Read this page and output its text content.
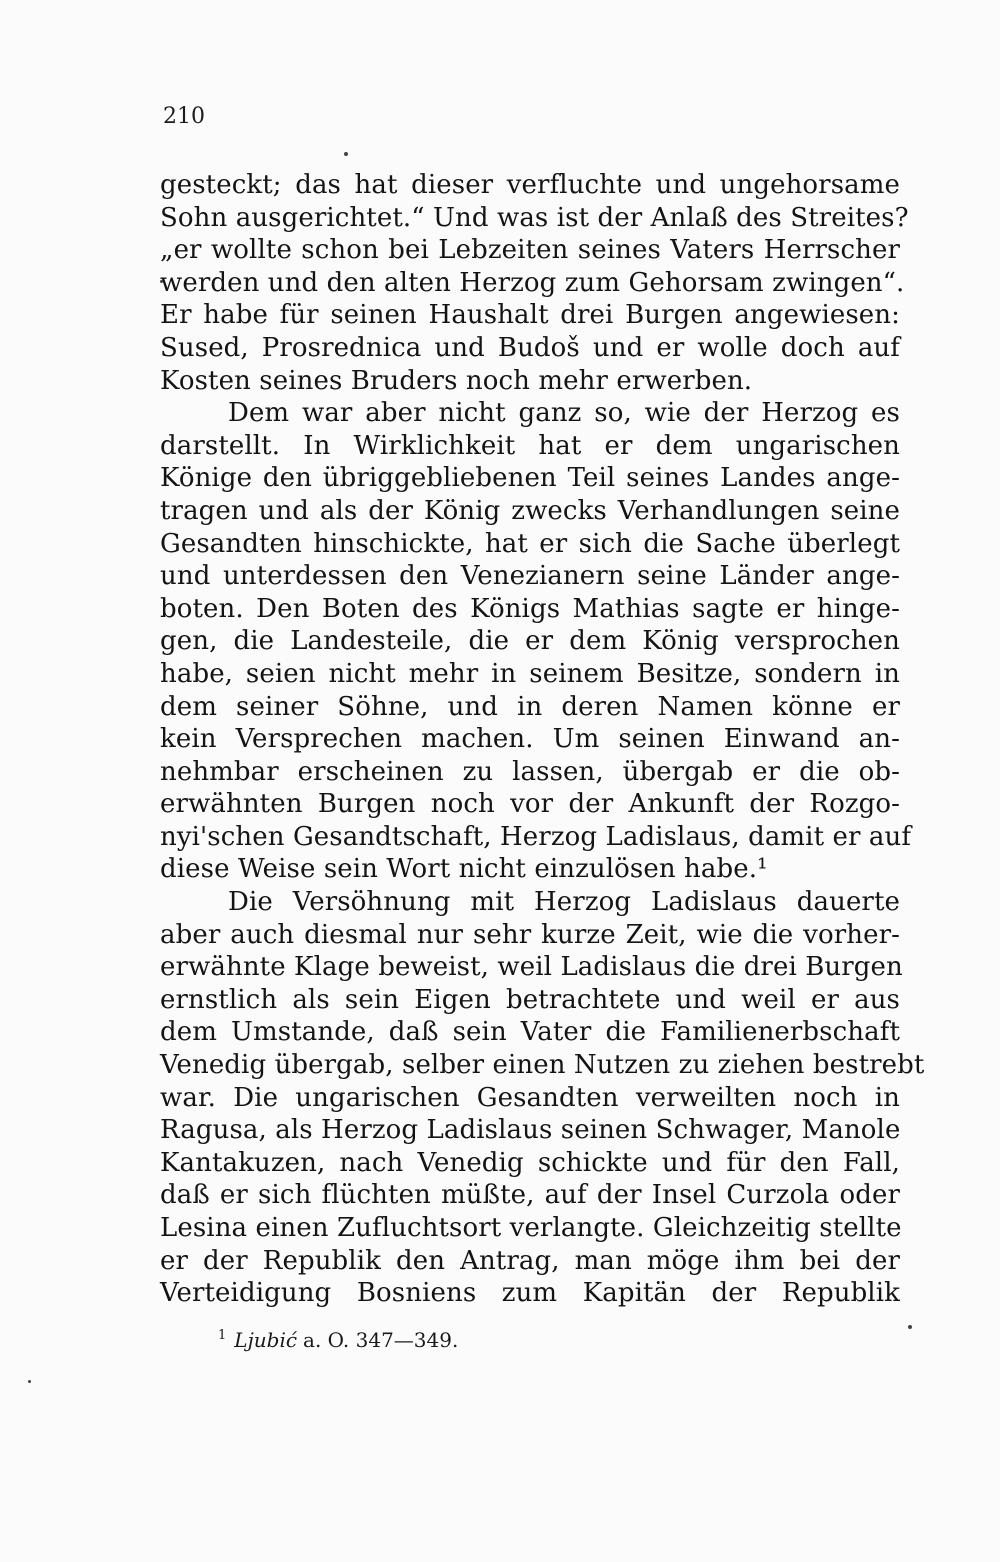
210
gesteckt; das hat dieser verfluchte und ungehorsame
Sohn ausgerichtet.“ Und was ist der Anlaß des Streites?
„er wollte schon bei Lebzeiten seines Vaters Herrscher
werden und den alten Herzog zum Gehorsam zwingen“.
Er habe für seinen Haushalt drei Burgen angewiesen:
Sused, Prosrednica und Budoš und er wolle doch auf
Kosten seines Bruders noch mehr erwerben.
Dem war aber nicht ganz so, wie der Herzog es
darstellt. In Wirklichkeit hat er dem ungarischen
Könige den übriggebliebenen Teil seines Landes ange-
tragen und als der König zwecks Verhandlungen seine
Gesandten hinschickte, hat er sich die Sache überlegt
und unterdessen den Venezianern seine Länder ange-
boten. Den Boten des Königs Mathias sagte er hinge-
gen, die Landesteile, die er dem König versprochen
habe, seien nicht mehr in seinem Besitze, sondern in
dem seiner Söhne, und in deren Namen könne er
kein Versprechen machen. Um seinen Einwand an-
nehmbar erscheinen zu lassen, übergab er die ob-
erwähnten Burgen noch vor der Ankunft der Rozgo-
nyi'schen Gesandtschaft, Herzog Ladislaus, damit er auf
diese Weise sein Wort nicht einzulösen habe.¹
Die Versöhnung mit Herzog Ladislaus dauerte
aber auch diesmal nur sehr kurze Zeit, wie die vorher-
erwähnte Klage beweist, weil Ladislaus die drei Burgen
ernstlich als sein Eigen betrachtete und weil er aus
dem Umstande, daß sein Vater die Familienerbschaft
Venedig übergab, selber einen Nutzen zu ziehen bestrebt
war. Die ungarischen Gesandten verweilten noch in
Ragusa, als Herzog Ladislaus seinen Schwager, Manole
Kantakuzen, nach Venedig schickte und für den Fall,
daß er sich flüchten müßte, auf der Insel Curzola oder
Lesina einen Zufluchtsort verlangte. Gleichzeitig stellte
er der Republik den Antrag, man möge ihm bei der
Verteidigung Bosniens zum Kapitän der Republik
$^1$ Ljubić a. O. 347—349.
